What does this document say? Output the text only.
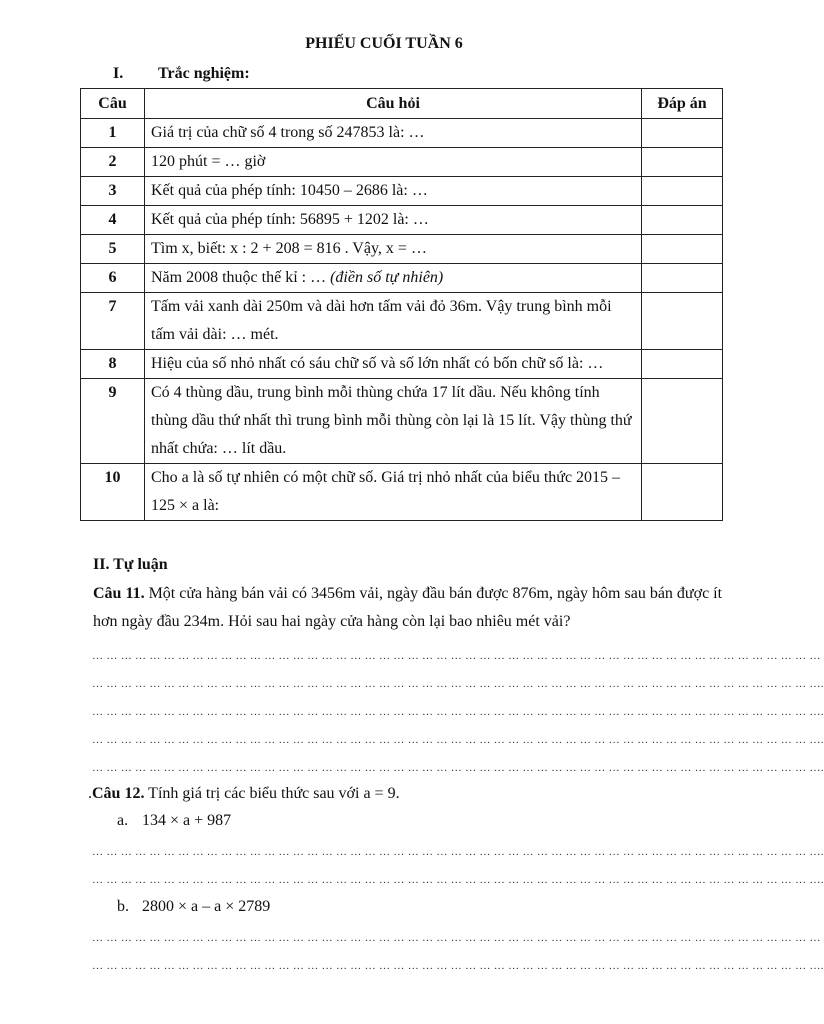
PHIẾU CUỐI TUẦN 6
I. Trắc nghiệm:
Câu	Câu hỏi	Đáp án
1	Giá trị của chữ số 4 trong số 247853 là: …	
2	120 phút = … giờ	
3	Kết quả của phép tính: 10450 – 2686 là: …	
4	Kết quả của phép tính: 56895 + 1202 là: …	
5	Tìm x, biết: x : 2 + 208 = 816 . Vậy, x = …	
6	Năm 2008 thuộc thế kỉ : … (điền số tự nhiên)	
7	Tấm vải xanh dài 250m và dài hơn tấm vải đỏ 36m. Vậy trung bình mỗi tấm vải dài: … mét.	
8	Hiệu của số nhỏ nhất có sáu chữ số và số lớn nhất có bốn chữ số là: …	
9	Có 4 thùng dầu, trung bình mỗi thùng chứa 17 lít dầu. Nếu không tính thùng dầu thứ nhất thì trung bình mỗi thùng còn lại là 15 lít. Vậy thùng thứ nhất chứa: … lít dầu.	
10	Cho a là số tự nhiên có một chữ số. Giá trị nhỏ nhất của biểu thức 2015 – 125 × a là:	
II. Tự luận
Câu 11. Một cửa hàng bán vải có 3456m vải, ngày đầu bán được 876m, ngày hôm sau bán được ít hơn ngày đầu 234m. Hỏi sau hai ngày cửa hàng còn lại bao nhiêu mét vải?
… … … … … … … … … … … … … … … … … … … … … … … … … … … … … … … … … … … … … … … … … … … … … … … … … … …
… … … … … … … … … … … … … … … … … … … … … … … … … … … … … … … … … … … … … … … … … … … … … … … … … … ….
… … … … … … … … … … … … … … … … … … … … … … … … … … … … … … … … … … … … … … … … … … … … … … … … … … ….
… … … … … … … … … … … … … … … … … … … … … … … … … … … … … … … … … … … … … … … … … … … … … … … … … … ….
… … … … … … … … … … … … … … … … … … … … … … … … … … … … … … … … … … … … … … … … … … … … … … … … … … ….
.Câu 12. Tính giá trị các biểu thức sau với a = 9.
a. 134 × a + 987
… … … … … … … … … … … … … … … … … … … … … … … … … … … … … … … … … … … … … … … … … … … … … … … … … … ….
… … … … … … … … … … … … … … … … … … … … … … … … … … … … … … … … … … … … … … … … … … … … … … … … … … ….
b. 2800 × a – a × 2789
… … … … … … … … … … … … … … … … … … … … … … … … … … … … … … … … … … … … … … … … … … … … … … … … … … …
… … … … … … … … … … … … … … … … … … … … … … … … … … … … … … … … … … … … … … … … … … … … … … … … … … ….
